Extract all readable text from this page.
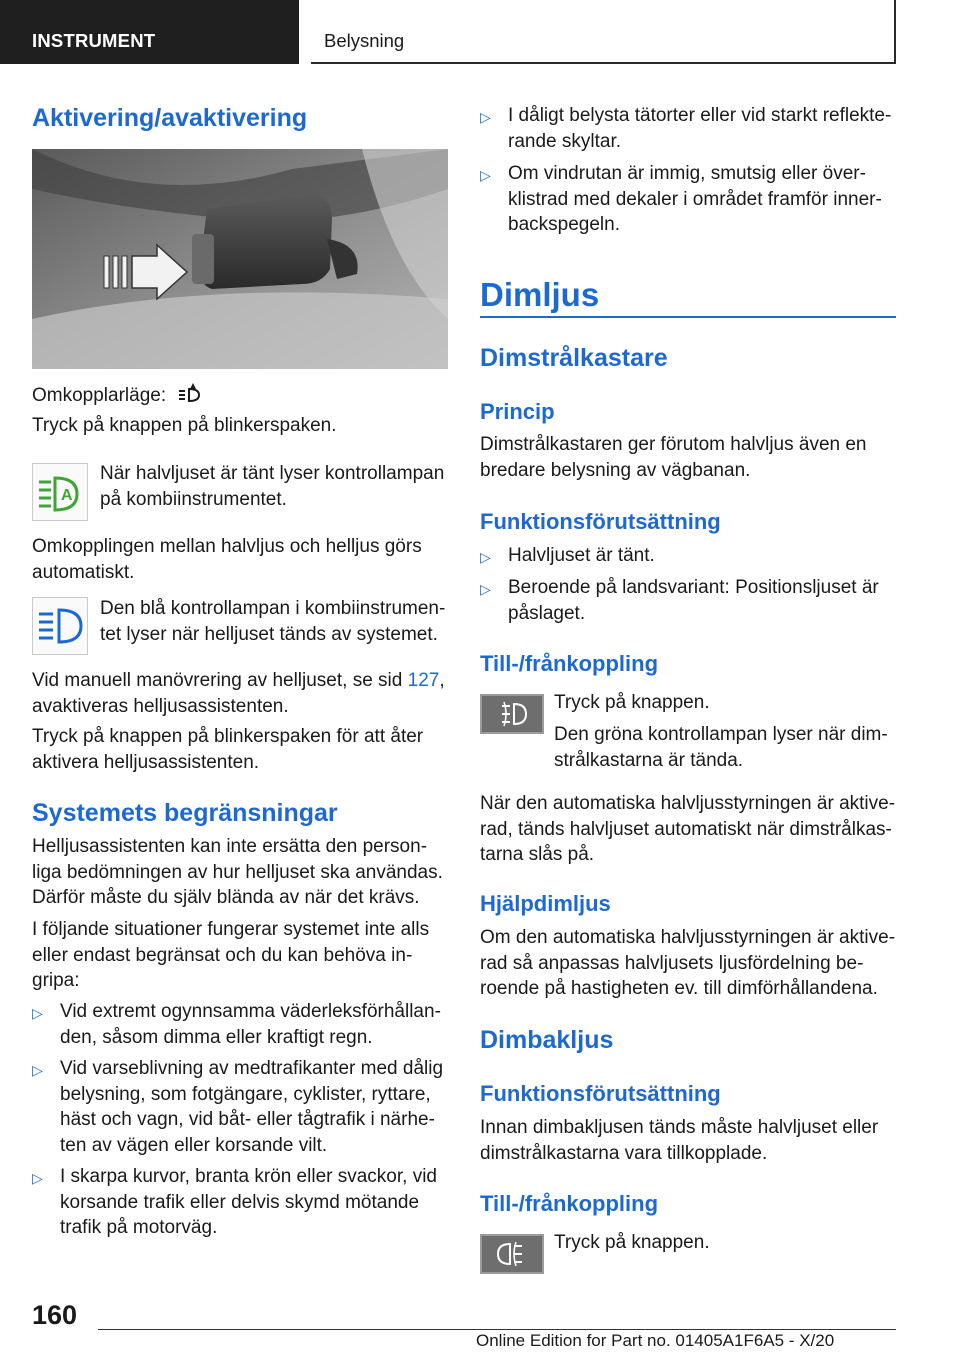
INSTRUMENT	Belysning
Aktivering/avaktivering
Omkopplarläge:
Tryck på knappen på blinkerspaken.
A
När halvljuset är tänt lyser kontrollampan på kombiinstrumentet.
Omkopplingen mellan halvljus och helljus görs automatiskt.
Den blå kontrollampan i kombiinstrumentet lyser när helljuset tänds av systemet.
Vid manuell manövrering av helljuset, se sid 127, avaktiveras helljusassistenten.
Tryck på knappen på blinkerspaken för att åter aktivera helljusassistenten.
Systemets begränsningar
Helljusassistenten kan inte ersätta den personliga bedömningen av hur helljuset ska användas. Därför måste du själv blända av när det krävs.
I följande situationer fungerar systemet inte alls eller endast begränsat och du kan behöva ingripa:
▷ Vid extremt ogynnsamma väderleksförhållanden, såsom dimma eller kraftigt regn.
▷ Vid varseblivning av medtrafikanter med dålig belysning, som fotgängare, cyklister, ryttare, häst och vagn, vid båt- eller tågtrafik i närheten av vägen eller korsande vilt.
▷ I skarpa kurvor, branta krön eller svackor, vid korsande trafik eller delvis skymd mötande trafik på motorväg.
▷ I dåligt belysta tätorter eller vid starkt reflekterande skyltar.
▷ Om vindrutan är immig, smutsig eller överklistrad med dekaler i området framför innerbackspegeln.
Dimljus
Dimstrålkastare
Princip
Dimstrålkastaren ger förutom halvljus även en bredare belysning av vägbanan.
Funktionsförutsättning
▷ Halvljuset är tänt.
▷ Beroende på landsvariant: Positionsljuset är påslaget.
Till-/frånkoppling
Tryck på knappen.
Den gröna kontrollampan lyser när dimstrålkastarna är tända.
När den automatiska halvljusstyrningen är aktiverad, tänds halvljuset automatiskt när dimstrålkastarna slås på.
Hjälpdimljus
Om den automatiska halvljusstyrningen är aktiverad så anpassas halvljusets ljusfördelning beroende på hastigheten ev. till dimförhållandena.
Dimbakljus
Funktionsförutsättning
Innan dimbakljusen tänds måste halvljuset eller dimstrålkastarna vara tillkopplade.
Till-/frånkoppling
Tryck på knappen.
160
Online Edition for Part no. 01405A1F6A5 - X/20
